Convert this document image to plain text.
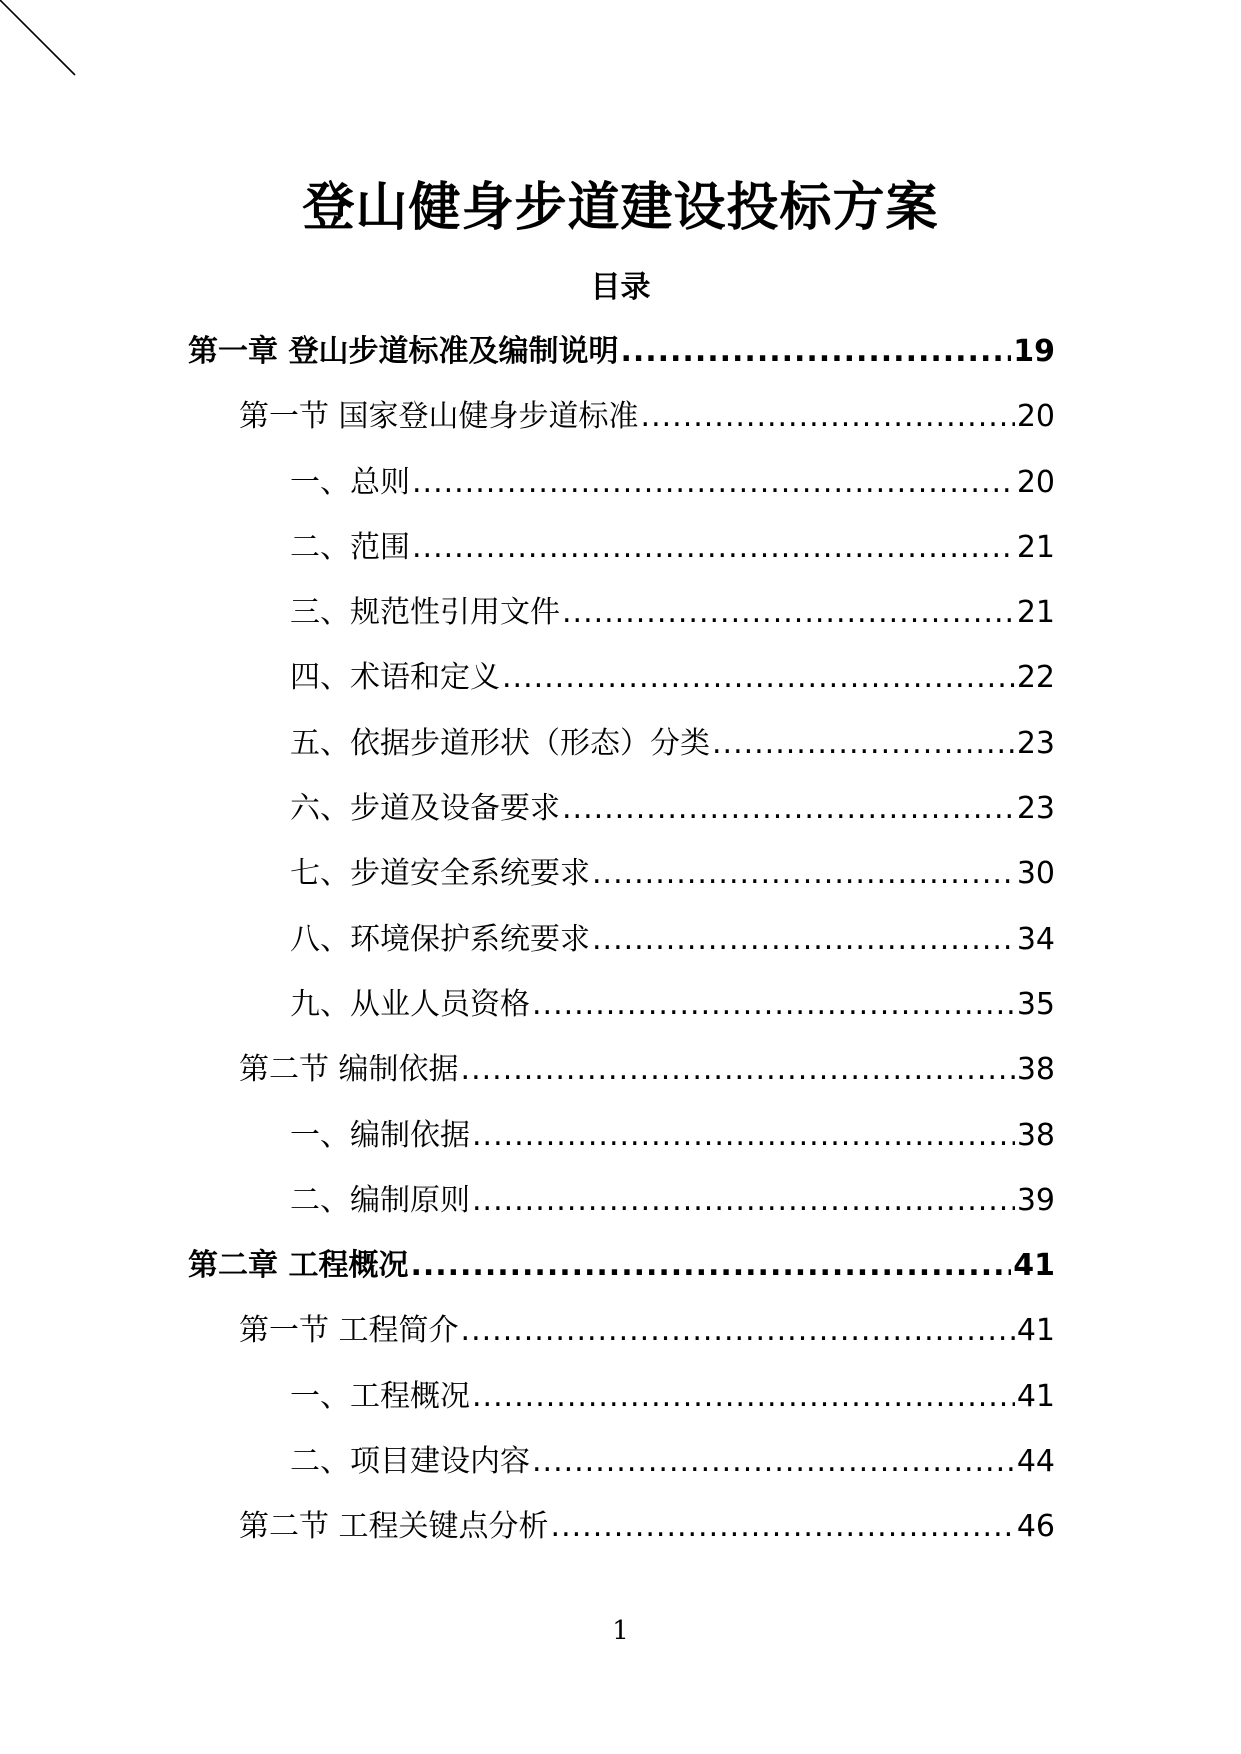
登山健身步道建设投标方案
目录
第一章 登山步道标准及编制说明 .....	19
第一节 国家登山健身步道标准 .....	20
一、总则 .....	20
二、范围 .....	21
三、规范性引用文件 .....	21
四、术语和定义 .....	22
五、依据步道形状（形态）分类 .....	23
六、步道及设备要求 .....	23
七、步道安全系统要求 .....	30
八、环境保护系统要求 .....	34
九、从业人员资格 .....	35
第二节 编制依据 .....	38
一、编制依据 .....	38
二、编制原则 .....	39
第二章 工程概况 .....	41
第一节 工程简介 .....	41
一、工程概况 .....	41
二、项目建设内容 .....	44
第二节 工程关键点分析 .....	46
1
